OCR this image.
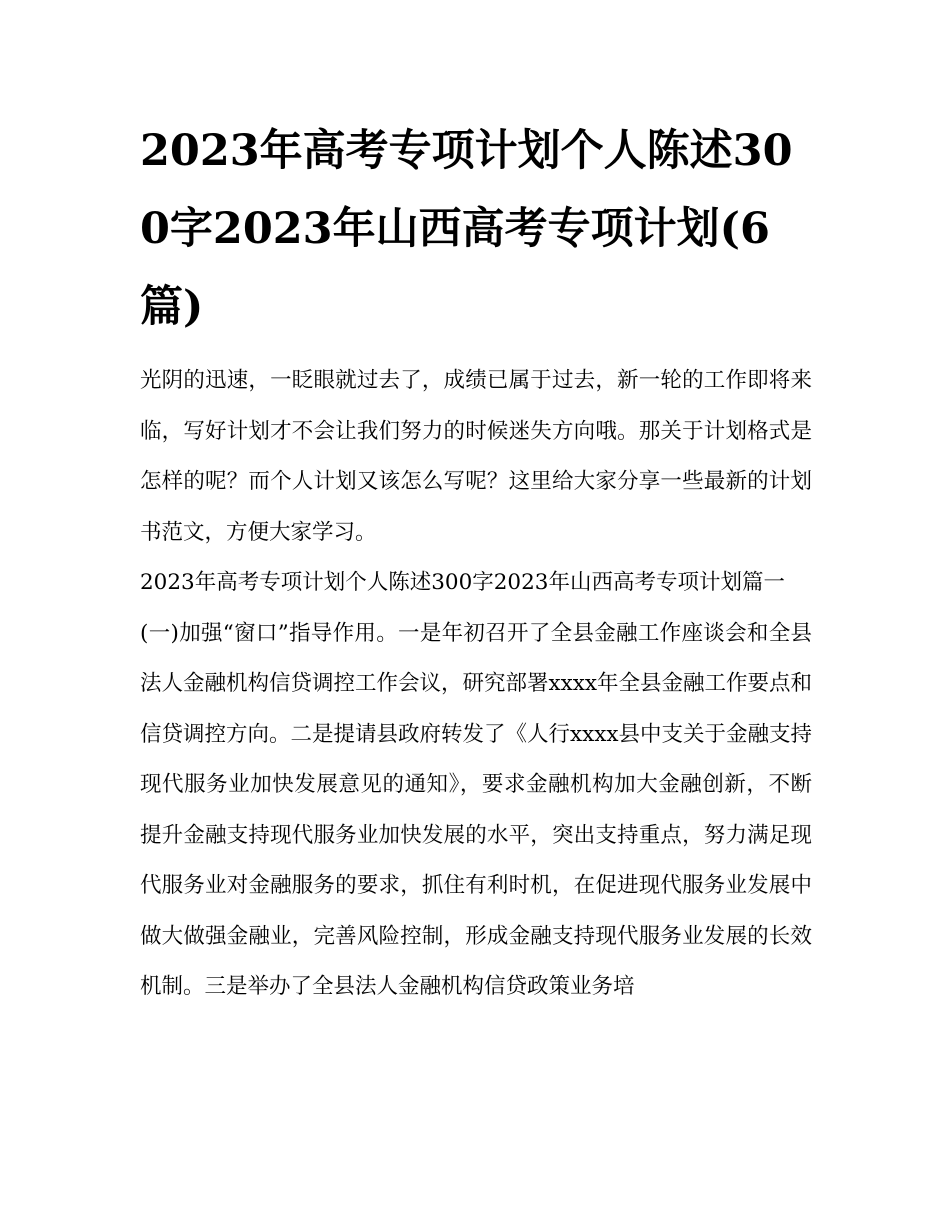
2023年高考专项计划个人陈述300字2023年山西高考专项计划(6篇)

光阴的迅速，一眨眼就过去了，成绩已属于过去，新一轮的工作即将来临，写好计划才不会让我们努力的时候迷失方向哦。那关于计划格式是怎样的呢？而个人计划又该怎么写呢？这里给大家分享一些最新的计划书范文，方便大家学习。

2023年高考专项计划个人陈述300字2023年山西高考专项计划篇一

(一)加强“窗口”指导作用。一是年初召开了全县金融工作座谈会和全县法人金融机构信贷调控工作会议，研究部署xxxx年全县金融工作要点和信贷调控方向。二是提请县政府转发了《人行xxxx县中支关于金融支持现代服务业加快发展意见的通知》，要求金融机构加大金融创新，不断提升金融支持现代服务业加快发展的水平，突出支持重点，努力满足现代服务业对金融服务的要求，抓住有利时机，在促进现代服务业发展中做大做强金融业，完善风险控制，形成金融支持现代服务业发展的长效机制。三是举办了全县法人金融机构信贷政策业务培
